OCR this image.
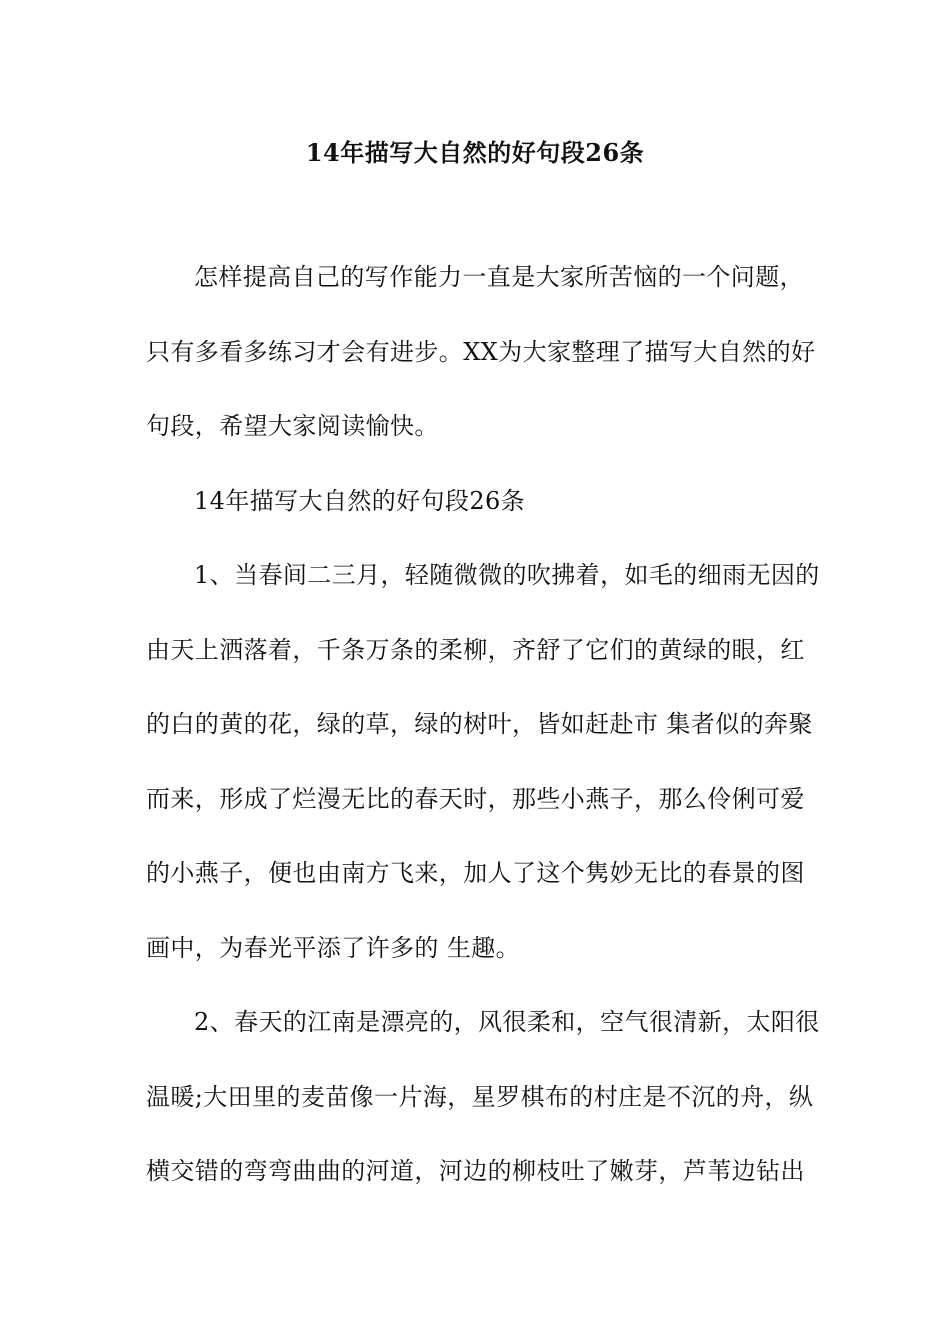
14年描写大自然的好句段26条
怎样提高自己的写作能力一直是大家所苦恼的一个问题，
只有多看多练习才会有进步。XX为大家整理了描写大自然的好
句段，希望大家阅读愉快。
14年描写大自然的好句段26条
1、当春间二三月，轻随微微的吹拂着，如毛的细雨无因的
由天上洒落着，千条万条的柔柳，齐舒了它们的黄绿的眼，红
的白的黄的花，绿的草，绿的树叶，皆如赶赴市 集者似的奔聚
而来，形成了烂漫无比的春天时，那些小燕子，那么伶俐可爱
的小燕子，便也由南方飞来，加人了这个隽妙无比的春景的图
画中，为春光平添了许多的 生趣。
2、春天的江南是漂亮的，风很柔和，空气很清新，太阳很
温暖;大田里的麦苗像一片海，星罗棋布的村庄是不沉的舟，纵
横交错的弯弯曲曲的河道，河边的柳枝吐了嫩芽，芦苇边钻出
